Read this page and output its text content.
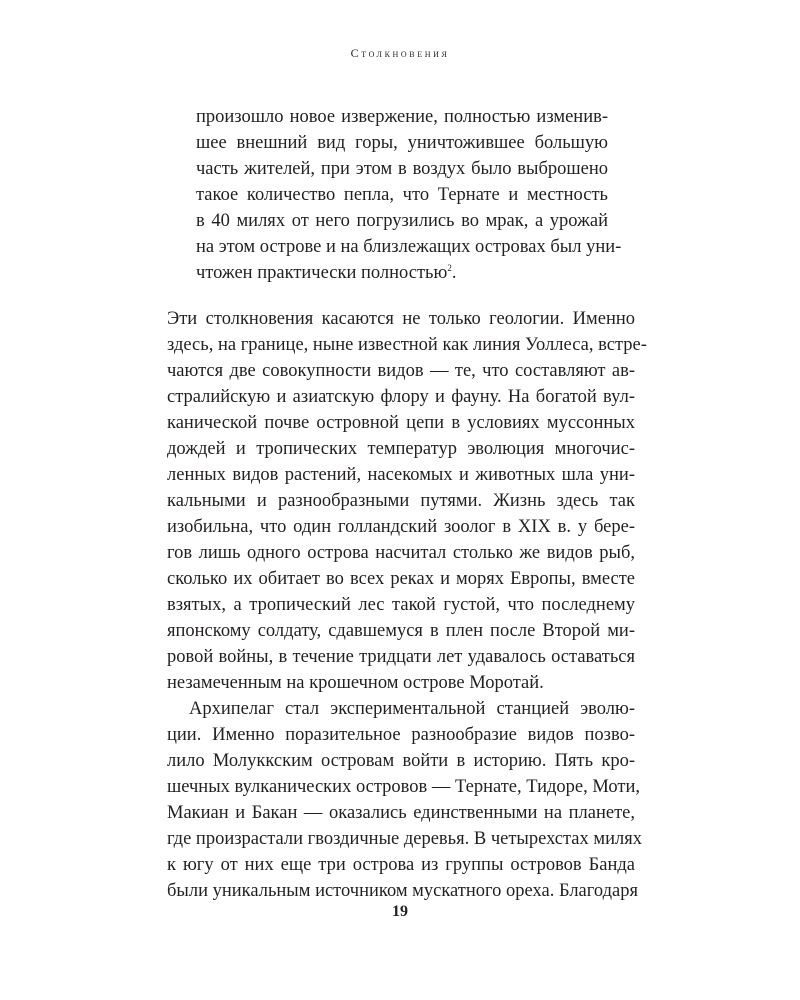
Столкновения
произошло новое извержение, полностью изменив-
шее внешний вид горы, уничтожившее большую
часть жителей, при этом в воздух было выброшено
такое количество пепла, что Тернате и местность
в 40 милях от него погрузились во мрак, а урожай
на этом острове и на близлежащих островах был уни-
чтожен практически полностью$^2$.
Эти столкновения касаются не только геологии. Именно
здесь, на границе, ныне известной как линия Уоллеса, встре-
чаются две совокупности видов — те, что составляют ав-
стралийскую и азиатскую флору и фауну. На богатой вул-
канической почве островной цепи в условиях муссонных
дождей и тропических температур эволюция многочис-
ленных видов растений, насекомых и животных шла уни-
кальными и разнообразными путями. Жизнь здесь так
изобильна, что один голландский зоолог в XIX в. у бере-
гов лишь одного острова насчитал столько же видов рыб,
сколько их обитает во всех реках и морях Европы, вместе
взятых, а тропический лес такой густой, что последнему
японскому солдату, сдавшемуся в плен после Второй ми-
ровой войны, в течение тридцати лет удавалось оставаться
незамеченным на крошечном острове Моротай.
Архипелаг стал экспериментальной станцией эволю-
ции. Именно поразительное разнообразие видов позво-
лило Молуккским островам войти в историю. Пять кро-
шечных вулканических островов — Тернате, Тидоре, Моти,
Макиан и Бакан — оказались единственными на планете,
где произрастали гвоздичные деревья. В четырехстах милях
к югу от них еще три острова из группы островов Банда
были уникальным источником мускатного ореха. Благодаря
19
